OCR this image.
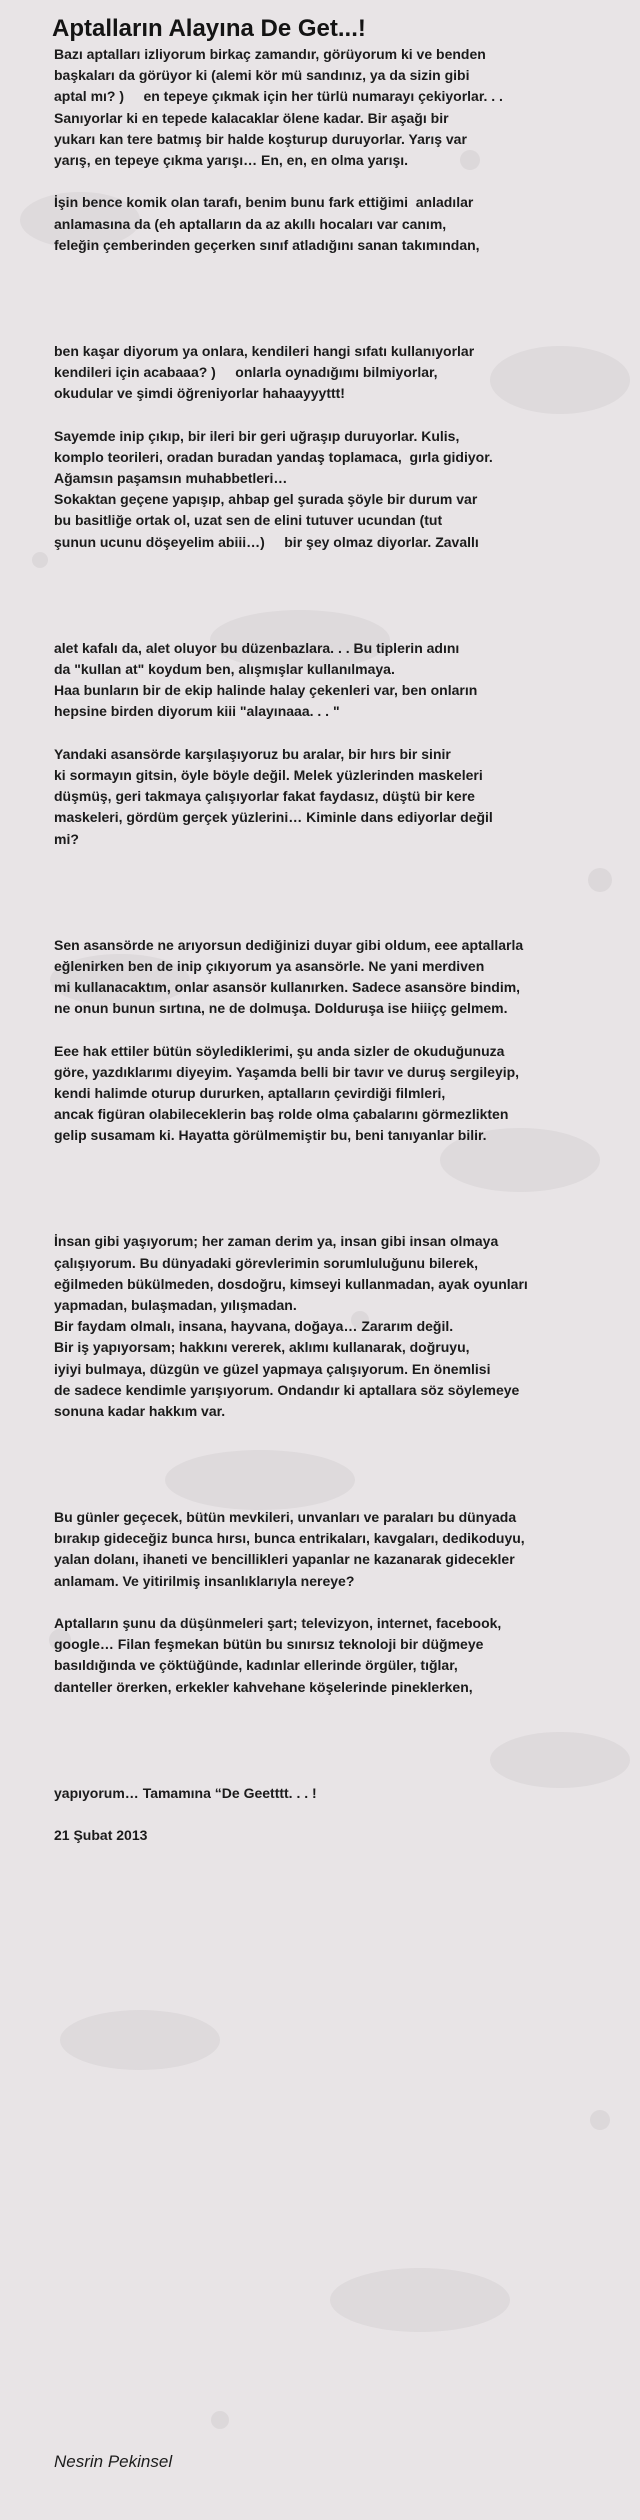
Aptalların Alayına De Get...!
Bazı aptalları izliyorum birkaç zamandır, görüyorum ki ve benden
başkaları da görüyor ki (alemi kör mü sandınız, ya da sizin gibi
aptal mı? )     en tepeye çıkmak için her türlü numarayı çekiyorlar. . .
Sanıyorlar ki en tepede kalacaklar ölene kadar. Bir aşağı bir
yukarı kan tere batmış bir halde koşturup duruyorlar. Yarış var
yarış, en tepeye çıkma yarışı… En, en, en olma yarışı.

İşin bence komik olan tarafı, benim bunu fark ettiğimi  anladılar
anlamasına da (eh aptalların da az akıllı hocaları var canım,
feleğin çemberinden geçerken sınıf atladığını sanan takımından,

ben kaşar diyorum ya onlara, kendileri hangi sıfatı kullanıyorlar
kendileri için acabaaa? )     onlarla oynadığımı bilmiyorlar,
okudular ve şimdi öğreniyorlar hahaayyyttt!

Sayemde inip çıkıp, bir ileri bir geri uğraşıp duruyorlar. Kulis,
komplo teorileri, oradan buradan yandaş toplamaca,  gırla gidiyor.
Ağamsın paşamsın muhabbetleri…
Sokaktan geçene yapışıp, ahbap gel şurada şöyle bir durum var
bu basitliğe ortak ol, uzat sen de elini tutuver ucundan (tut
şunun ucunu döşeyelim abiii…)     bir şey olmaz diyorlar. Zavallı

alet kafalı da, alet oluyor bu düzenbazlara. . . Bu tiplerin adını
da "kullan at" koydum ben, alışmışlar kullanılmaya.
Haa bunların bir de ekip halinde halay çekenleri var, ben onların
hepsine birden diyorum kiii "alayınaaa. . . "

Yandaki asansörde karşılaşıyoruz bu aralar, bir hırs bir sinir
ki sormayın gitsin, öyle böyle değil. Melek yüzlerinden maskeleri
düşmüş, geri takmaya çalışıyorlar fakat faydasız, düştü bir kere
maskeleri, gördüm gerçek yüzlerini… Kiminle dans ediyorlar değil
mi?

Sen asansörde ne arıyorsun dediğinizi duyar gibi oldum, eee aptallarla
eğlenirken ben de inip çıkıyorum ya asansörle. Ne yani merdiven
mi kullanacaktım, onlar asansör kullanırken. Sadece asansöre bindim,
ne onun bunun sırtına, ne de dolmuşa. Dolduruşa ise hiiiçç gelmem.

Eee hak ettiler bütün söylediklerimi, şu anda sizler de okuduğunuza
göre, yazdıklarımı diyeyim. Yaşamda belli bir tavır ve duruş sergileyip,
kendi halimde oturup dururken, aptalların çevirdiği filmleri,
ancak figüran olabileceklerin baş rolde olma çabalarını görmezlikten
gelip susamam ki. Hayatta görülmemiştir bu, beni tanıyanlar bilir.

İnsan gibi yaşıyorum; her zaman derim ya, insan gibi insan olmaya
çalışıyorum. Bu dünyadaki görevlerimin sorumluluğunu bilerek,
eğilmeden bükülmeden, dosdoğru, kimseyi kullanmadan, ayak oyunları
yapmadan, bulaşmadan, yılışmadan.
Bir faydam olmalı, insana, hayvana, doğaya… Zararım değil.
Bir iş yapıyorsam; hakkını vererek, aklımı kullanarak, doğruyu,
iyiyi bulmaya, düzgün ve güzel yapmaya çalışıyorum. En önemlisi
de sadece kendimle yarışıyorum. Ondandır ki aptallara söz söylemeye
sonuna kadar hakkım var.

Bu günler geçecek, bütün mevkileri, unvanları ve paraları bu dünyada
bırakıp gideceğiz bunca hırsı, bunca entrikaları, kavgaları, dedikoduyu,
yalan dolanı, ihaneti ve bencillikleri yapanlar ne kazanarak gidecekler
anlamam. Ve yitirilmiş insanlıklarıyla nereye?

Aptalların şunu da düşünmeleri şart; televizyon, internet, facebook,
google… Filan feşmekan bütün bu sınırsız teknoloji bir düğmeye
basıldığında ve çöktüğünde, kadınlar ellerinde örgüler, tığlar,
danteller örerken, erkekler kahvehane köşelerinde pineklerken,

yapıyorum… Tamamına “De Geetttt. . . !

21 Şubat 2013
Nesrin Pekinsel
